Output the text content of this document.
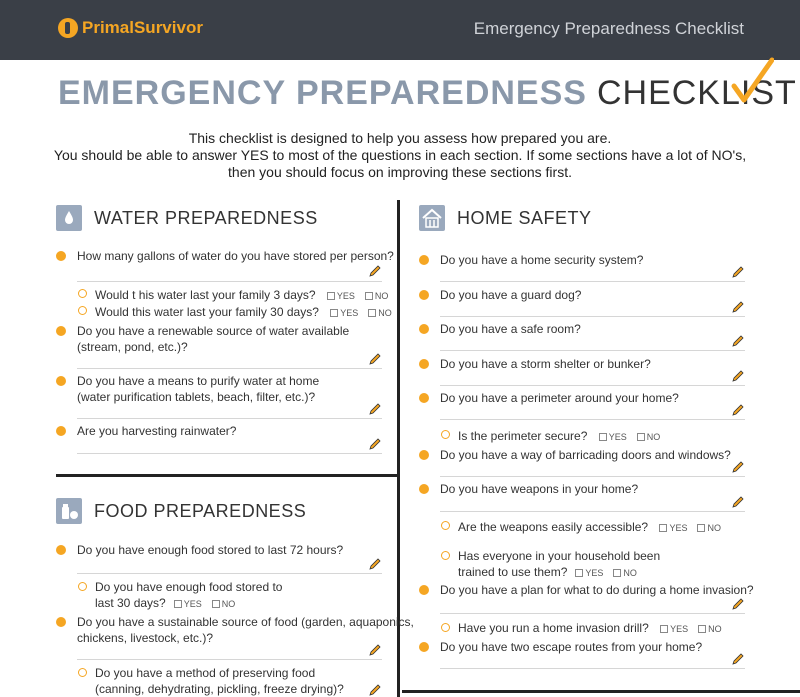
PrimalSurvivor	Emergency Preparedness Checklist
EMERGENCY PREPAREDNESS CHECKLIST

This checklist is designed to help you assess how prepared you are.

You should be able to answer YES to most of the questions in each section. If some sections have a lot of NO's,

then you should focus on improving these sections first.

WATER PREPAREDNESS
How many gallons of water do you have stored per person?
Would t his water last your family 3 days? YES NO
Would this water last your family 30 days? YES NO
Do you have a renewable source of water available
(stream, pond, etc.)?
Do you have a means to purify water at home
(water purification tablets, beach, filter, etc.)?
Are you harvesting rainwater?
FOOD PREPAREDNESS
Do you have enough food stored to last 72 hours?
Do you have enough food stored to
last 30 days? YES NO
Do you have a sustainable source of food (garden, aquaponics,
chickens, livestock, etc.)?
Do you have a method of preserving food
(canning, dehydrating, pickling, freeze drying)?
HOME SAFETY
Do you have a home security system?
Do you have a guard dog?
Do you have a safe room?
Do you have a storm shelter or bunker?
Do you have a perimeter around your home?
Is the perimeter secure? YES NO
Do you have a way of barricading doors and windows?
Do you have weapons in your home?
Are the weapons easily accessible? YES NO
Has everyone in your household been
trained to use them? YES NO
Do you have a plan for what to do during a home invasion?
Have you run a home invasion drill? YES NO
Do you have two escape routes from your home?
